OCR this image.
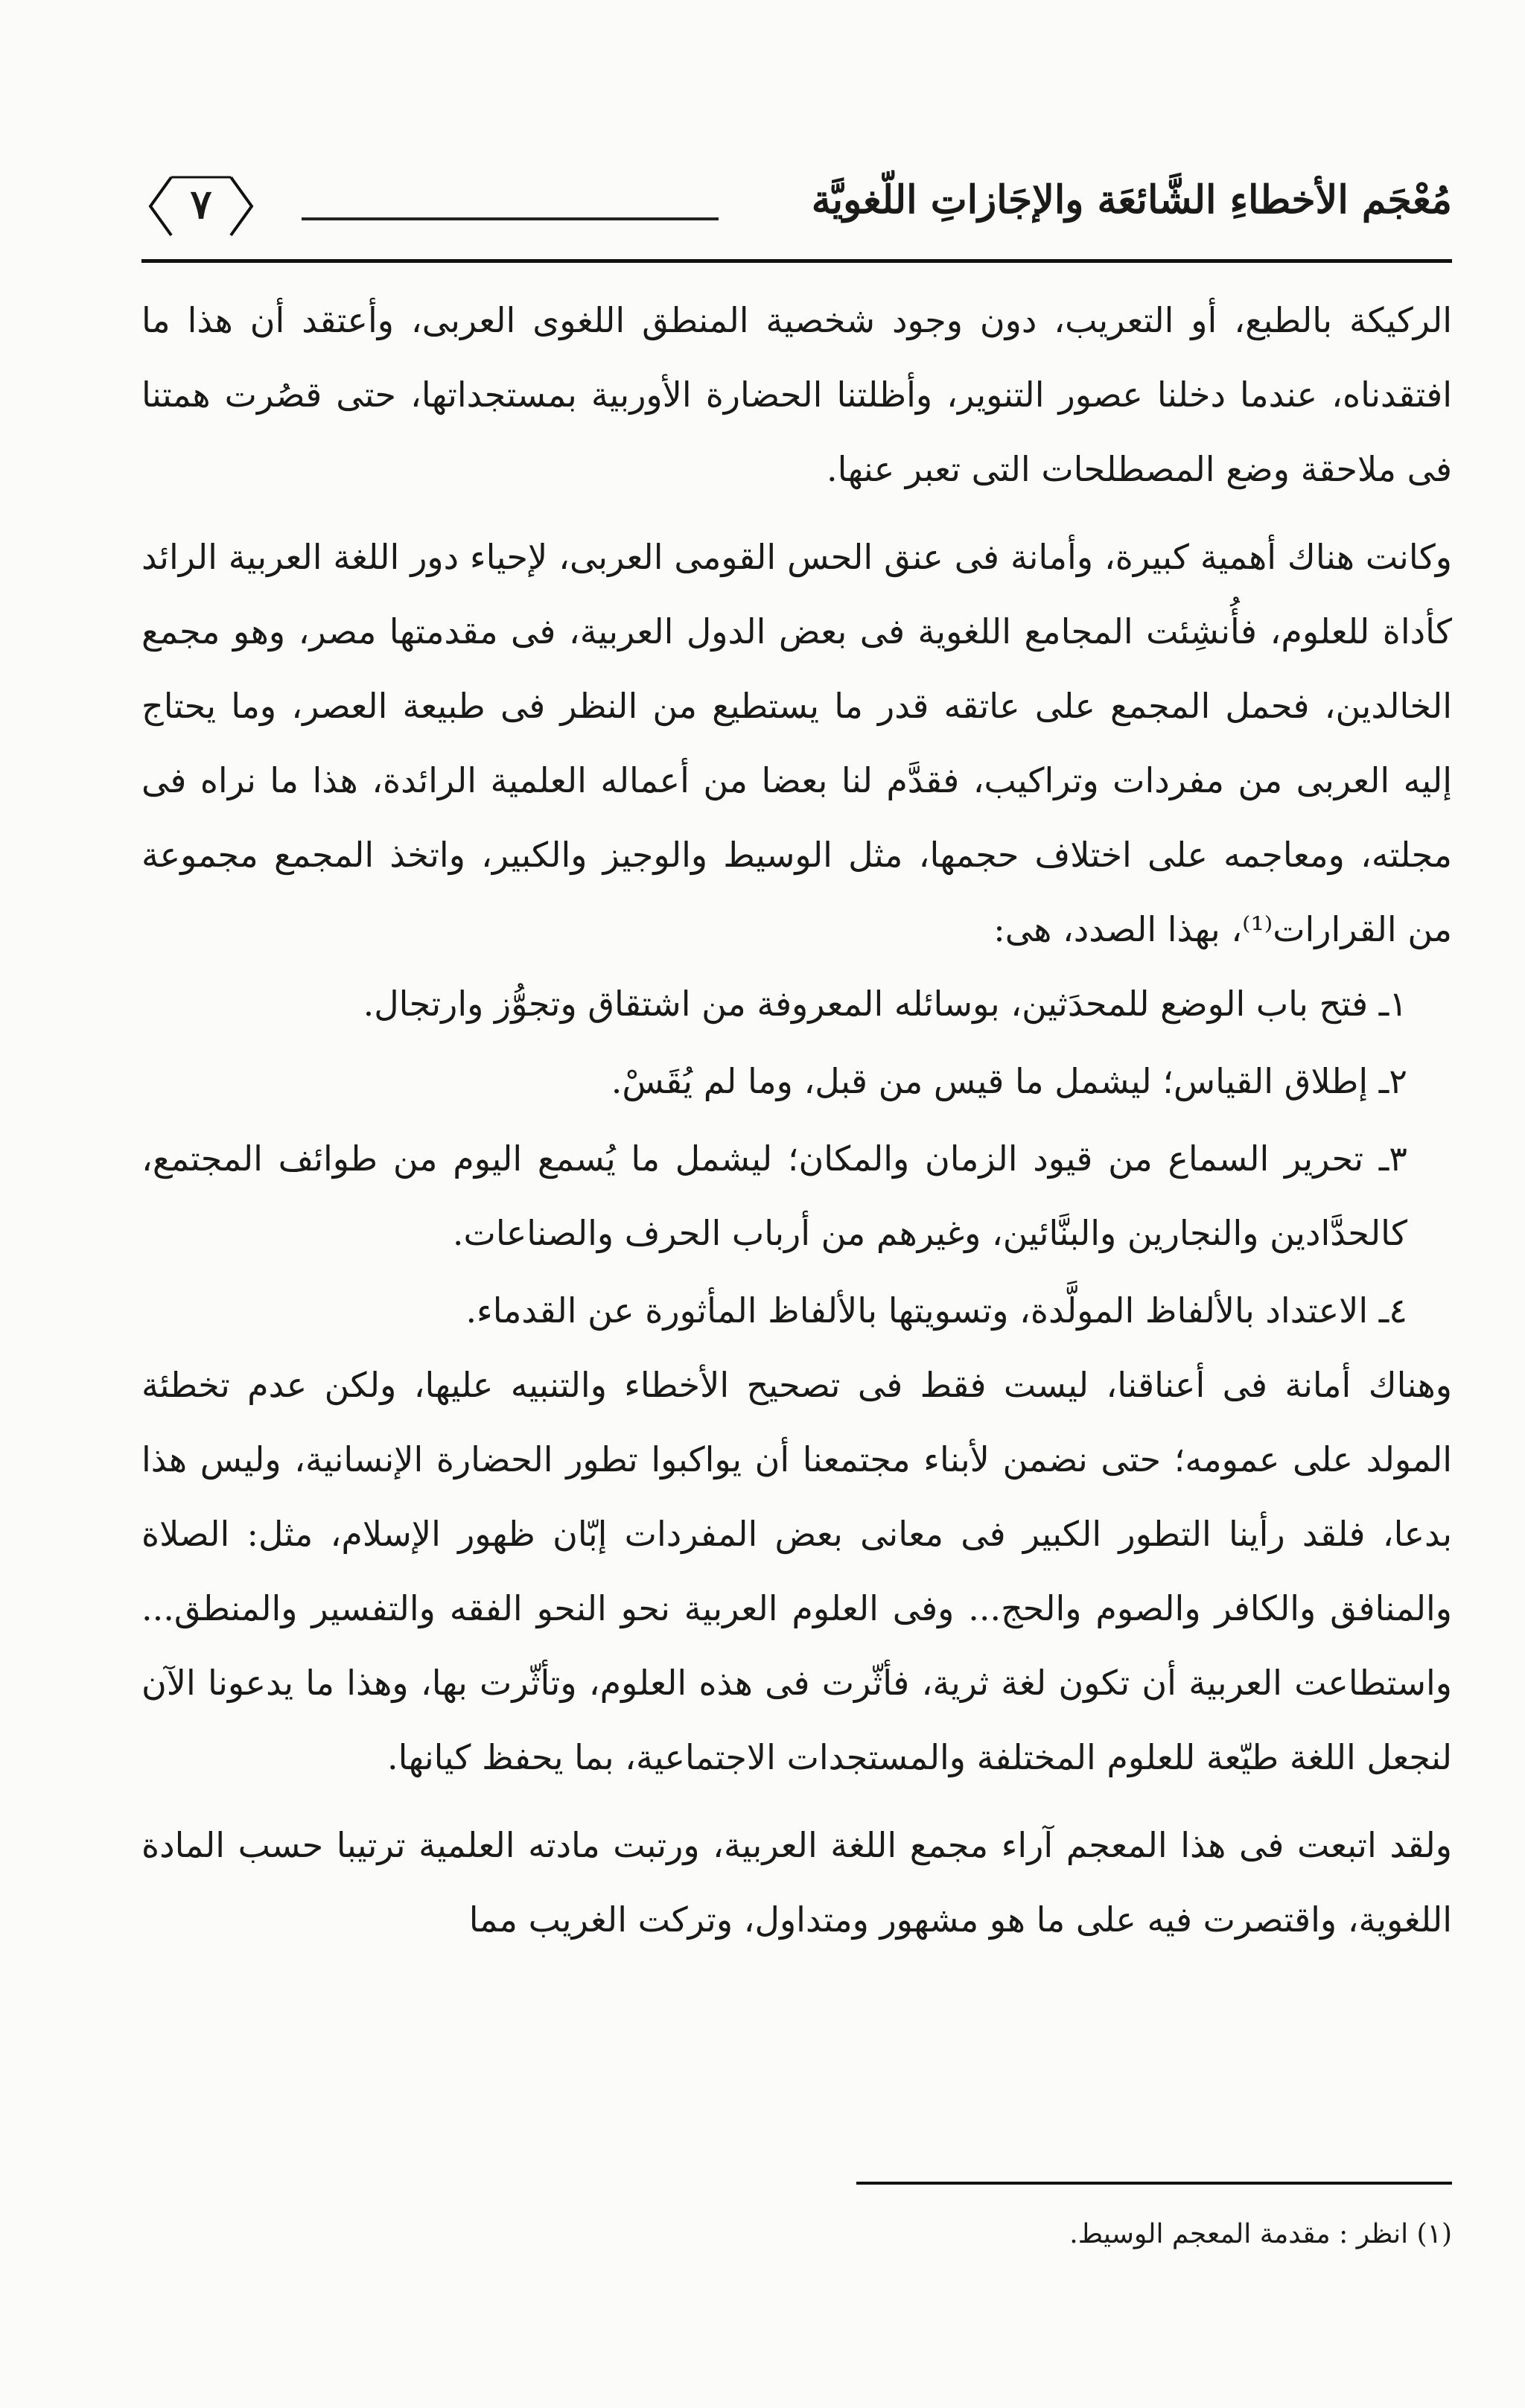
مُعْجَم الأخطاءِ الشَّائعَة والإجَازاتِ اللّغويَّة
٧

الركيكة بالطبع، أو التعريب، دون وجود شخصية المنطق اللغوى العربى، وأعتقد أن هذا ما افتقدناه، عندما دخلنا عصور التنوير، وأظلتنا الحضارة الأوربية بمستجداتها، حتى قصُرت همتنا فى ملاحقة وضع المصطلحات التى تعبر عنها.

وكانت هناك أهمية كبيرة، وأمانة فى عنق الحس القومى العربى، لإحياء دور اللغة العربية الرائد كأداة للعلوم، فأُنشِئت المجامع اللغوية فى بعض الدول العربية، فى مقدمتها مصر، وهو مجمع الخالدين، فحمل المجمع على عاتقه قدر ما يستطيع من النظر فى طبيعة العصر، وما يحتاج إليه العربى من مفردات وتراكيب، فقدَّم لنا بعضا من أعماله العلمية الرائدة، هذا ما نراه فى مجلته، ومعاجمه على اختلاف حجمها، مثل الوسيط والوجيز والكبير، واتخذ المجمع مجموعة من القرارات⁽¹⁾، بهذا الصدد، هى:

١ـ فتح باب الوضع للمحدَثين، بوسائله المعروفة من اشتقاق وتجوُّز وارتجال.
٢ـ إطلاق القياس؛ ليشمل ما قيس من قبل، وما لم يُقَسْ.
٣ـ تحرير السماع من قيود الزمان والمكان؛ ليشمل ما يُسمع اليوم من طوائف المجتمع، كالحدَّادين والنجارين والبنَّائين، وغيرهم من أرباب الحرف والصناعات.
٤ـ الاعتداد بالألفاظ المولَّدة، وتسويتها بالألفاظ المأثورة عن القدماء.

وهناك أمانة فى أعناقنا، ليست فقط فى تصحيح الأخطاء والتنبيه عليها، ولكن عدم تخطئة المولد على عمومه؛ حتى نضمن لأبناء مجتمعنا أن يواكبوا تطور الحضارة الإنسانية، وليس هذا بدعا، فلقد رأينا التطور الكبير فى معانى بعض المفردات إبّان ظهور الإسلام، مثل: الصلاة والمنافق والكافر والصوم والحج... وفى العلوم العربية نحو النحو الفقه والتفسير والمنطق... واستطاعت العربية أن تكون لغة ثرية، فأثّرت فى هذه العلوم، وتأثّرت بها، وهذا ما يدعونا الآن لنجعل اللغة طيّعة للعلوم المختلفة والمستجدات الاجتماعية، بما يحفظ كيانها.

ولقد اتبعت فى هذا المعجم آراء مجمع اللغة العربية، ورتبت مادته العلمية ترتيبا حسب المادة اللغوية، واقتصرت فيه على ما هو مشهور ومتداول، وتركت الغريب مما

(١) انظر : مقدمة المعجم الوسيط.
